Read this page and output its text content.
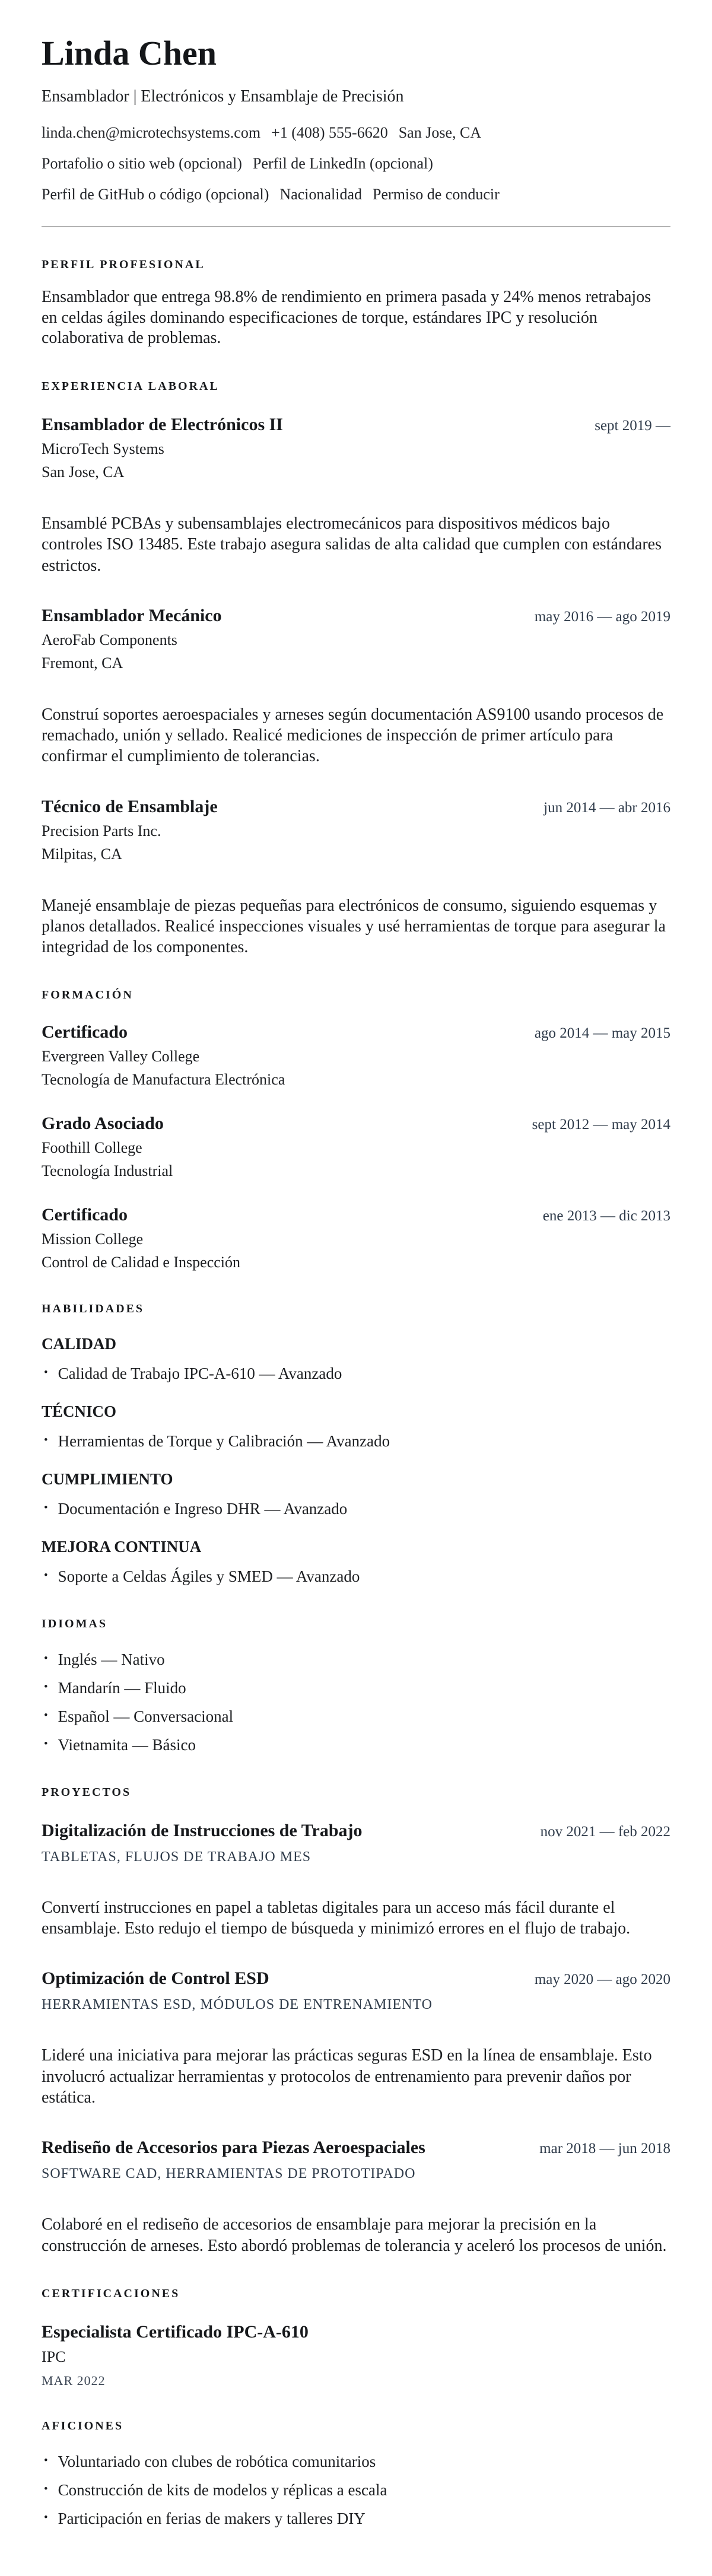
Linda Chen
Ensamblador | Electrónicos y Ensamblaje de Precisión
linda.chen@microtechsystems.com +1 (408) 555-6620 San Jose, CA
Portafolio o sitio web (opcional) Perfil de LinkedIn (opcional)
Perfil de GitHub o código (opcional) Nacionalidad Permiso de conducir
PERFIL PROFESIONAL

Ensamblador que entrega 98.8% de rendimiento en primera pasada y 24% menos retrabajos en celdas ágiles dominando especificaciones de torque, estándares IPC y resolución colaborativa de problemas.

EXPERIENCIA LABORAL
Ensamblador de Electrónicos II	sept 2019 —
MicroTech Systems
San Jose, CA

Ensamblé PCBAs y subensamblajes electromecánicos para dispositivos médicos bajo controles ISO 13485. Este trabajo asegura salidas de alta calidad que cumplen con estándares estrictos.

Ensamblador Mecánico	may 2016 — ago 2019
AeroFab Components
Fremont, CA

Construí soportes aeroespaciales y arneses según documentación AS9100 usando procesos de remachado, unión y sellado. Realicé mediciones de inspección de primer artículo para confirmar el cumplimiento de tolerancias.

Técnico de Ensamblaje	jun 2014 — abr 2016
Precision Parts Inc.
Milpitas, CA

Manejé ensamblaje de piezas pequeñas para electrónicos de consumo, siguiendo esquemas y planos detallados. Realicé inspecciones visuales y usé herramientas de torque para asegurar la integridad de los componentes.

FORMACIÓN
Certificado	ago 2014 — may 2015
Evergreen Valley College
Tecnología de Manufactura Electrónica
Grado Asociado	sept 2012 — may 2014
Foothill College
Tecnología Industrial
Certificado	ene 2013 — dic 2013
Mission College
Control de Calidad e Inspección
HABILIDADES
CALIDAD
• Calidad de Trabajo IPC-A-610 — Avanzado
TÉCNICO
• Herramientas de Torque y Calibración — Avanzado
CUMPLIMIENTO
• Documentación e Ingreso DHR — Avanzado
MEJORA CONTINUA
• Soporte a Celdas Ágiles y SMED — Avanzado
IDIOMAS
• Inglés — Nativo
• Mandarín — Fluido
• Español — Conversacional
• Vietnamita — Básico
PROYECTOS
Digitalización de Instrucciones de Trabajo	nov 2021 — feb 2022
TABLETAS, FLUJOS DE TRABAJO MES

Convertí instrucciones en papel a tabletas digitales para un acceso más fácil durante el ensamblaje. Esto redujo el tiempo de búsqueda y minimizó errores en el flujo de trabajo.

Optimización de Control ESD	may 2020 — ago 2020
HERRAMIENTAS ESD, MÓDULOS DE ENTRENAMIENTO

Lideré una iniciativa para mejorar las prácticas seguras ESD en la línea de ensamblaje. Esto involucró actualizar herramientas y protocolos de entrenamiento para prevenir daños por estática.

Rediseño de Accesorios para Piezas Aeroespaciales	mar 2018 — jun 2018
SOFTWARE CAD, HERRAMIENTAS DE PROTOTIPADO

Colaboré en el rediseño de accesorios de ensamblaje para mejorar la precisión en la construcción de arneses. Esto abordó problemas de tolerancia y aceleró los procesos de unión.

CERTIFICACIONES
Especialista Certificado IPC-A-610
IPC
MAR 2022
AFICIONES
• Voluntariado con clubes de robótica comunitarios
• Construcción de kits de modelos y réplicas a escala
• Participación en ferias de makers y talleres DIY
